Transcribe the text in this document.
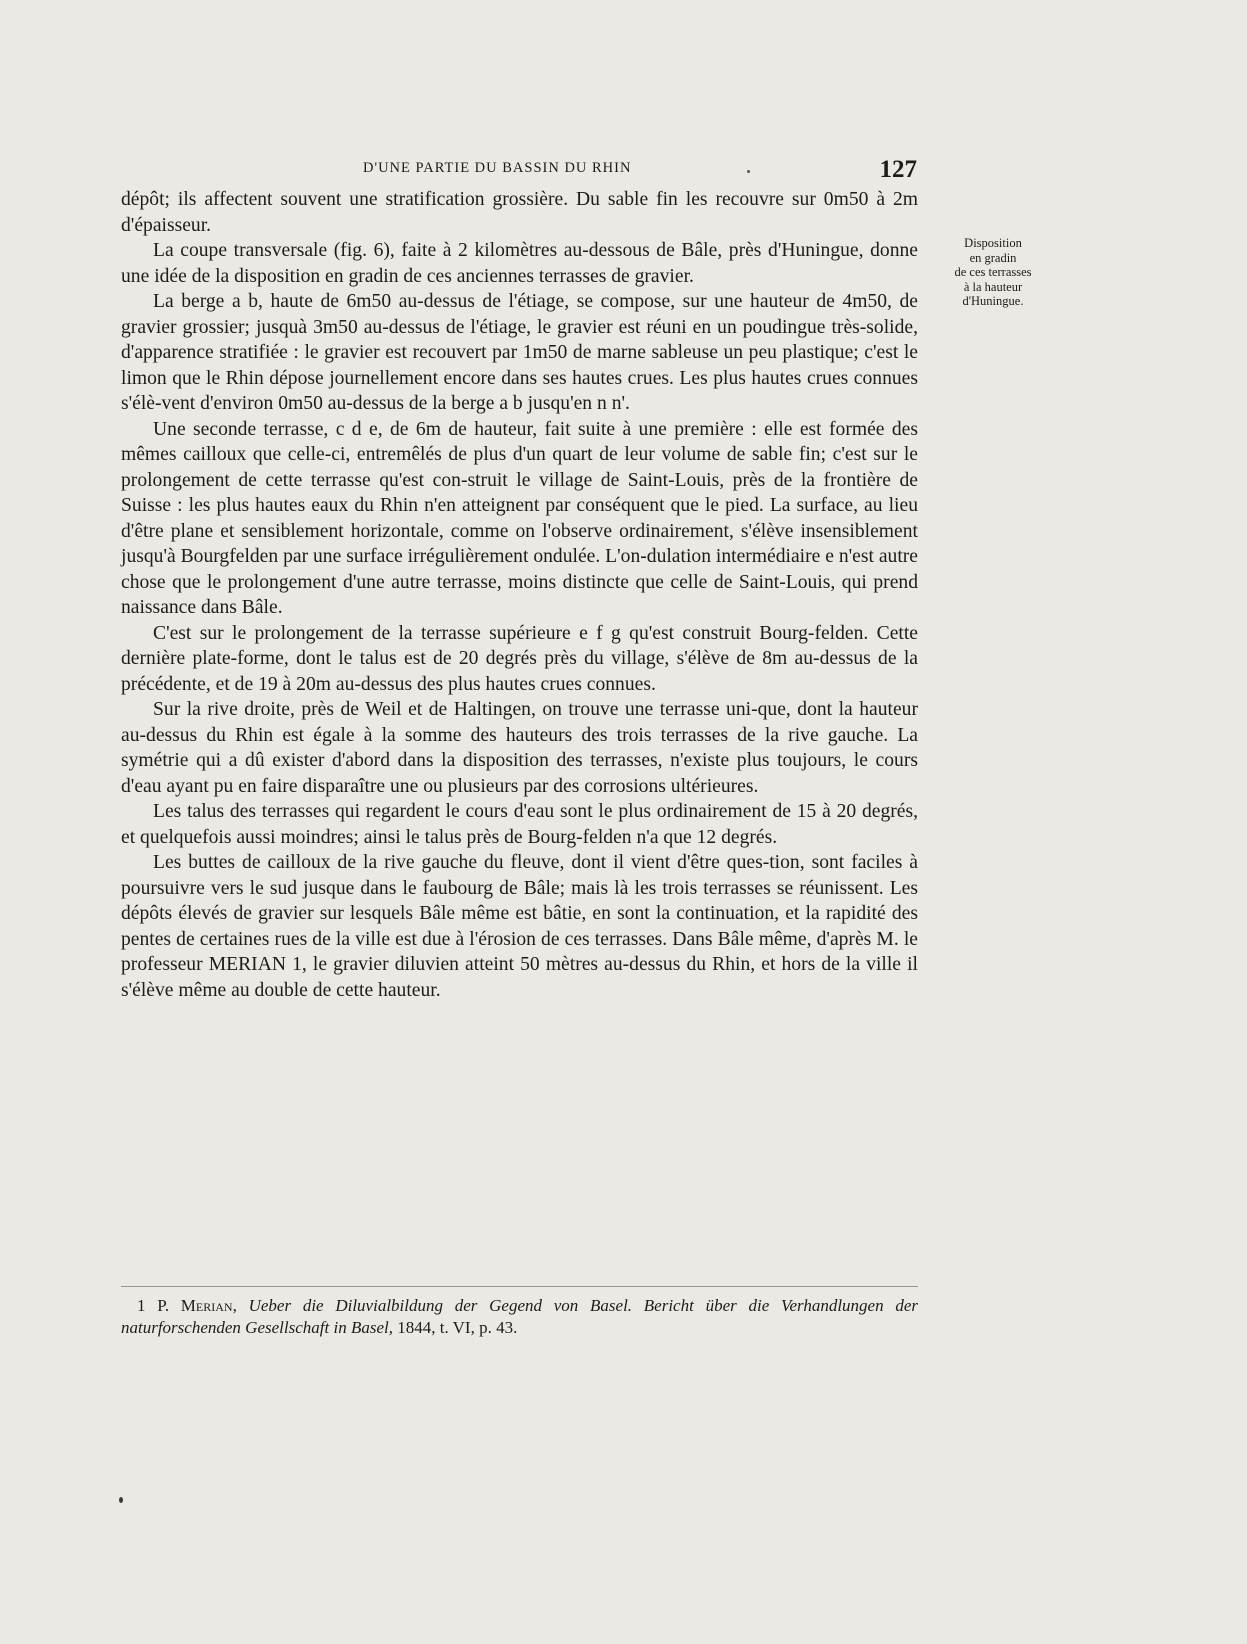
D'UNE PARTIE DU BASSIN DU RHIN	127

dépôt; ils affectent souvent une stratification grossière. Du sable fin les recouvre sur 0m50 à 2m d'épaisseur.

La coupe transversale (fig. 6), faite à 2 kilomètres au-dessous de Bâle, près d'Huningue, donne une idée de la disposition en gradin de ces anciennes terrasses de gravier.

La berge a b, haute de 6m50 au-dessus de l'étiage, se compose, sur une hauteur de 4m50, de gravier grossier; jusquà 3m50 au-dessus de l'étiage, le gravier est réuni en un poudingue très-solide, d'apparence stratifiée : le gravier est recouvert par 1m50 de marne sableuse un peu plastique; c'est le limon que le Rhin dépose journellement encore dans ses hautes crues. Les plus hautes crues connues s'élè-vent d'environ 0m50 au-dessus de la berge a b jusqu'en n n'.

Une seconde terrasse, c d e, de 6m de hauteur, fait suite à une première : elle est formée des mêmes cailloux que celle-ci, entremêlés de plus d'un quart de leur volume de sable fin; c'est sur le prolongement de cette terrasse qu'est con-struit le village de Saint-Louis, près de la frontière de Suisse : les plus hautes eaux du Rhin n'en atteignent par conséquent que le pied. La surface, au lieu d'être plane et sensiblement horizontale, comme on l'observe ordinairement, s'élève insensiblement jusqu'à Bourgfelden par une surface irrégulièrement ondulée. L'on-dulation intermédiaire e n'est autre chose que le prolongement d'une autre terrasse, moins distincte que celle de Saint-Louis, qui prend naissance dans Bâle.

C'est sur le prolongement de la terrasse supérieure e f g qu'est construit Bourg-felden. Cette dernière plate-forme, dont le talus est de 20 degrés près du village, s'élève de 8m au-dessus de la précédente, et de 19 à 20m au-dessus des plus hautes crues connues.

Sur la rive droite, près de Weil et de Haltingen, on trouve une terrasse uni-que, dont la hauteur au-dessus du Rhin est égale à la somme des hauteurs des trois terrasses de la rive gauche. La symétrie qui a dû exister d'abord dans la disposition des terrasses, n'existe plus toujours, le cours d'eau ayant pu en faire disparaître une ou plusieurs par des corrosions ultérieures.

Les talus des terrasses qui regardent le cours d'eau sont le plus ordinairement de 15 à 20 degrés, et quelquefois aussi moindres; ainsi le talus près de Bourg-felden n'a que 12 degrés.

Les buttes de cailloux de la rive gauche du fleuve, dont il vient d'être ques-tion, sont faciles à poursuivre vers le sud jusque dans le faubourg de Bâle; mais là les trois terrasses se réunissent. Les dépôts élevés de gravier sur lesquels Bâle même est bâtie, en sont la continuation, et la rapidité des pentes de certaines rues de la ville est due à l'érosion de ces terrasses. Dans Bâle même, d'après M. le professeur MERIAN 1, le gravier diluvien atteint 50 mètres au-dessus du Rhin, et hors de la ville il s'élève même au double de cette hauteur.

Disposition
en gradin
de ces terrasses
à la hauteur
d'Huningue.
1 P. Merian, Ueber die Diluvialbildung der Gegend von Basel. Bericht über die Verhandlungen der naturforschenden Gesellschaft in Basel, 1844, t. VI, p. 43.
